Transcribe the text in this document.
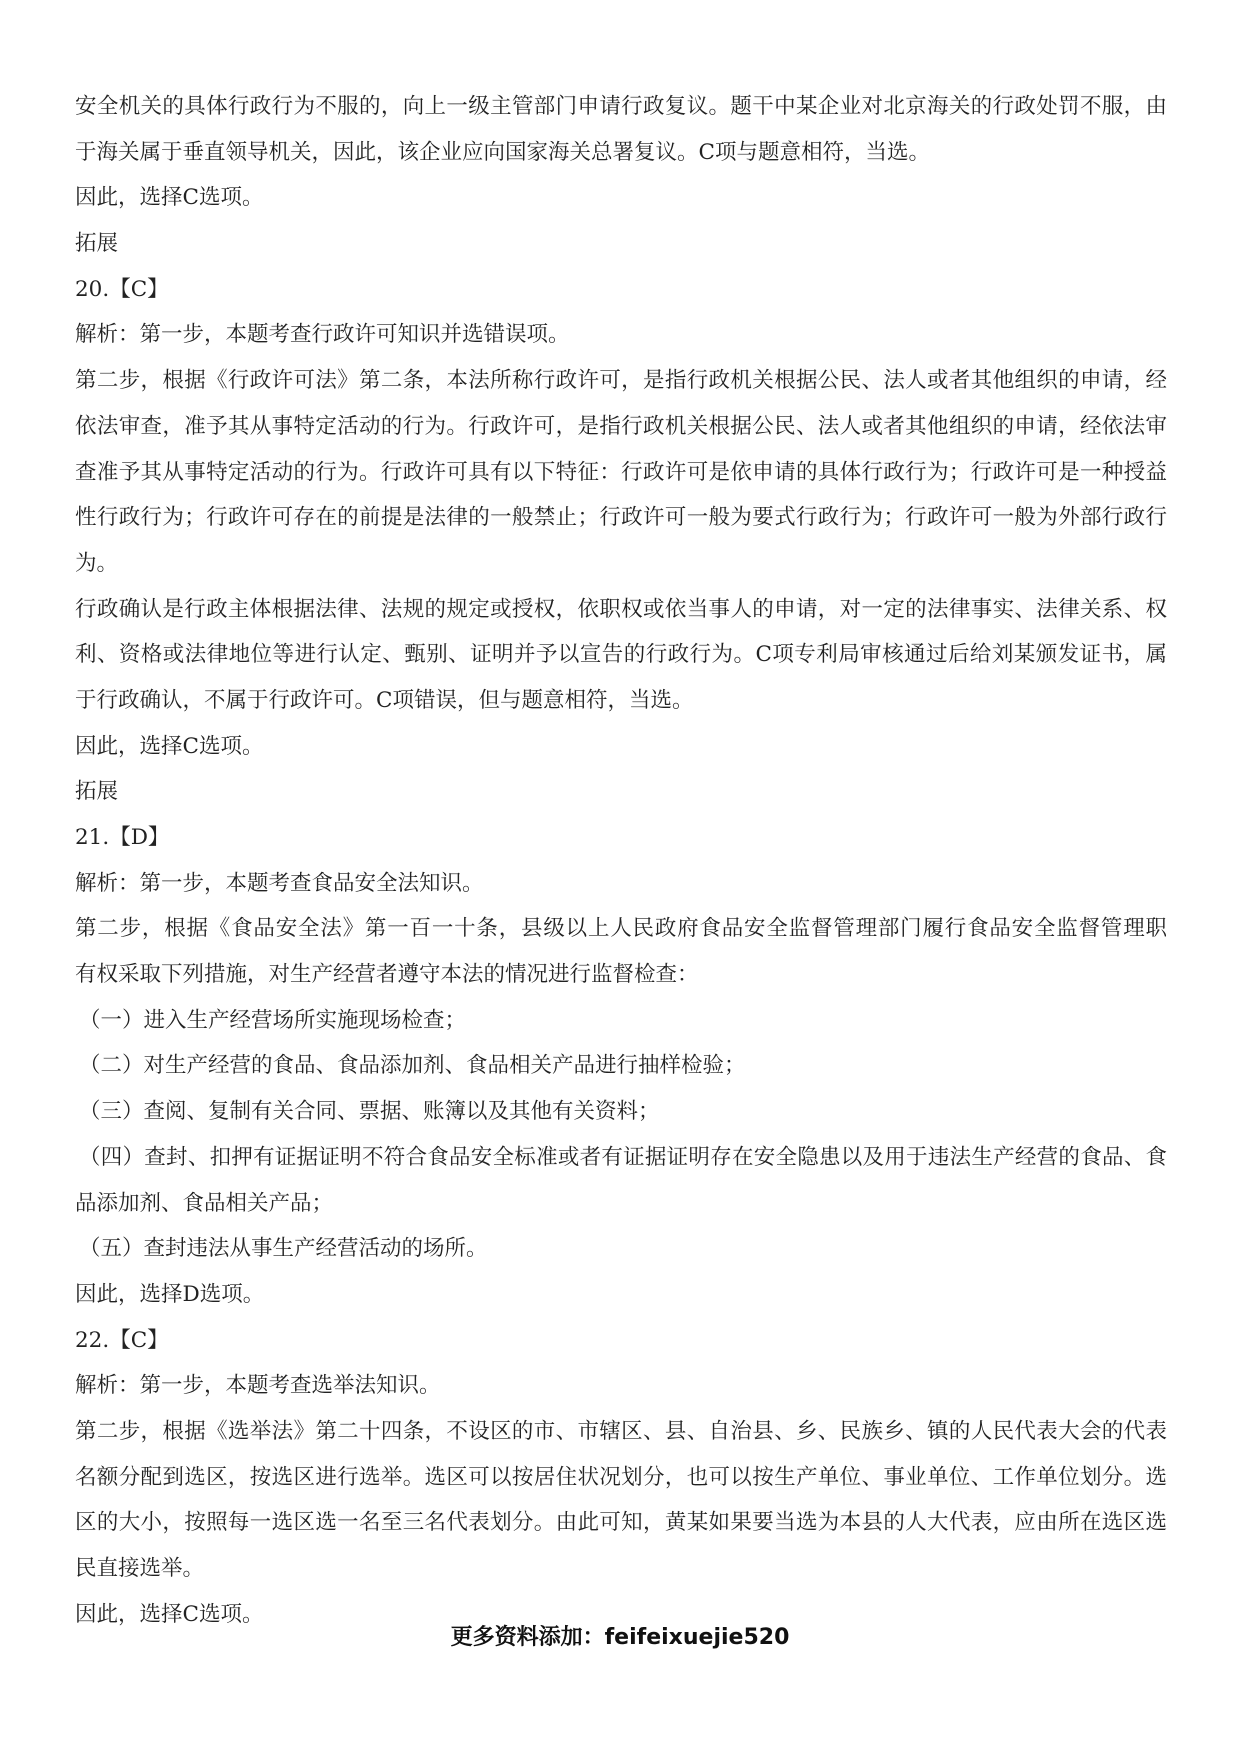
安全机关的具体行政行为不服的，向上一级主管部门申请行政复议。题干中某企业对北京海关的行政处罚不服，由
于海关属于垂直领导机关，因此，该企业应向国家海关总署复议。C项与题意相符，当选。
因此，选择C选项。
拓展
20.【C】
解析：第一步，本题考查行政许可知识并选错误项。
第二步，根据《行政许可法》第二条，本法所称行政许可，是指行政机关根据公民、法人或者其他组织的申请，经
依法审查，准予其从事特定活动的行为。行政许可，是指行政机关根据公民、法人或者其他组织的申请，经依法审
查准予其从事特定活动的行为。行政许可具有以下特征：行政许可是依申请的具体行政行为；行政许可是一种授益
性行政行为；行政许可存在的前提是法律的一般禁止；行政许可一般为要式行政行为；行政许可一般为外部行政行
为。
行政确认是行政主体根据法律、法规的规定或授权，依职权或依当事人的申请，对一定的法律事实、法律关系、权
利、资格或法律地位等进行认定、甄别、证明并予以宣告的行政行为。C项专利局审核通过后给刘某颁发证书，属
于行政确认，不属于行政许可。C项错误，但与题意相符，当选。
因此，选择C选项。
拓展
21.【D】
解析：第一步，本题考查食品安全法知识。
第二步，根据《食品安全法》第一百一十条，县级以上人民政府食品安全监督管理部门履行食品安全监督管理职
有权采取下列措施，对生产经营者遵守本法的情况进行监督检查：
（一）进入生产经营场所实施现场检查；
（二）对生产经营的食品、食品添加剂、食品相关产品进行抽样检验；
（三）查阅、复制有关合同、票据、账簿以及其他有关资料；
（四）查封、扣押有证据证明不符合食品安全标准或者有证据证明存在安全隐患以及用于违法生产经营的食品、食
品添加剂、食品相关产品；
（五）查封违法从事生产经营活动的场所。
因此，选择D选项。
22.【C】
解析：第一步，本题考查选举法知识。
第二步，根据《选举法》第二十四条，不设区的市、市辖区、县、自治县、乡、民族乡、镇的人民代表大会的代表
名额分配到选区，按选区进行选举。选区可以按居住状况划分，也可以按生产单位、事业单位、工作单位划分。选
区的大小，按照每一选区选一名至三名代表划分。由此可知，黄某如果要当选为本县的人大代表，应由所在选区选
民直接选举。
因此，选择C选项。
更多资料添加：feifeixuejie520
